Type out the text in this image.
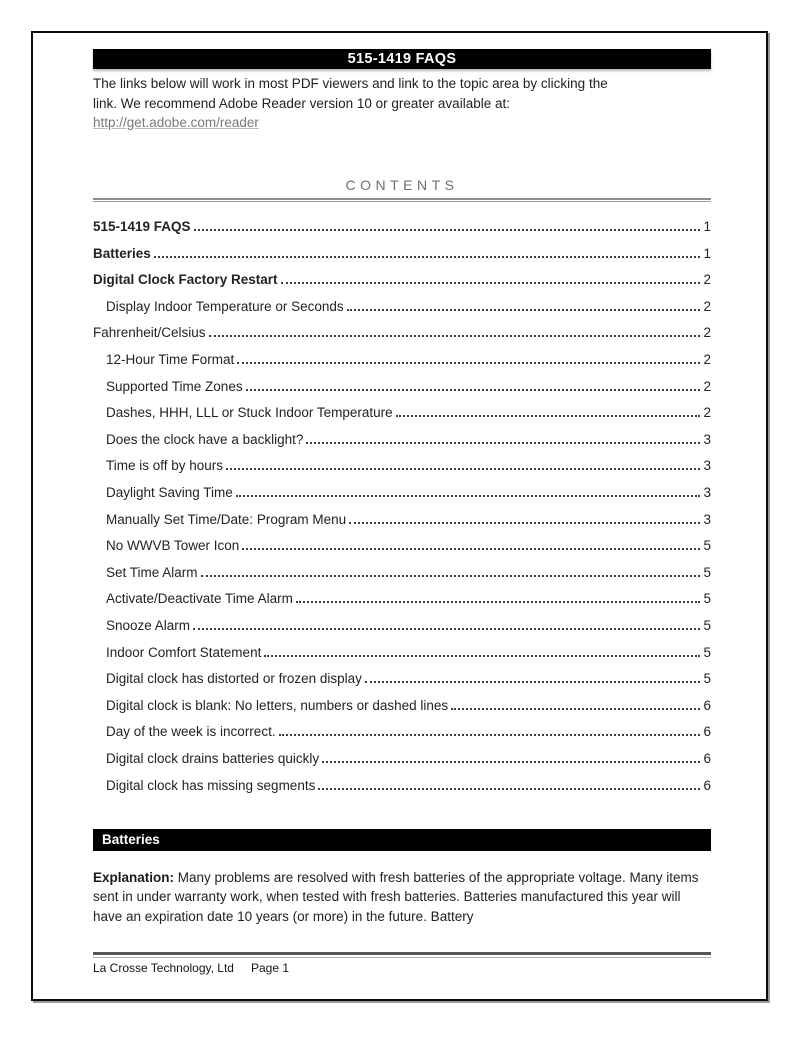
515-1419 FAQS
The links below will work in most PDF viewers and link to the topic area by clicking the
link. We recommend Adobe Reader version 10 or greater available at:
http://get.adobe.com/reader
CONTENTS
515-1419 FAQS	1
Batteries	1
Digital Clock Factory Restart	2
Display Indoor Temperature or Seconds	2
Fahrenheit/Celsius	2
12-Hour Time Format	2
Supported Time Zones	2
Dashes, HHH, LLL or Stuck Indoor Temperature	2
Does the clock have a backlight?	3
Time is off by hours	3
Daylight Saving Time	3
Manually Set Time/Date: Program Menu	3
No WWVB Tower Icon	5
Set Time Alarm	5
Activate/Deactivate Time Alarm	5
Snooze Alarm	5
Indoor Comfort Statement	5
Digital clock has distorted or frozen display	5
Digital clock is blank: No letters, numbers or dashed lines	6
Day of the week is incorrect.	6
Digital clock drains batteries quickly	6
Digital clock has missing segments	6
Batteries

Explanation: Many problems are resolved with fresh batteries of the appropriate voltage. Many items sent in under warranty work, when tested with fresh batteries. Batteries manufactured this year will have an expiration date 10 years (or more) in the future. Battery

La Crosse Technology, Ltd Page 1
